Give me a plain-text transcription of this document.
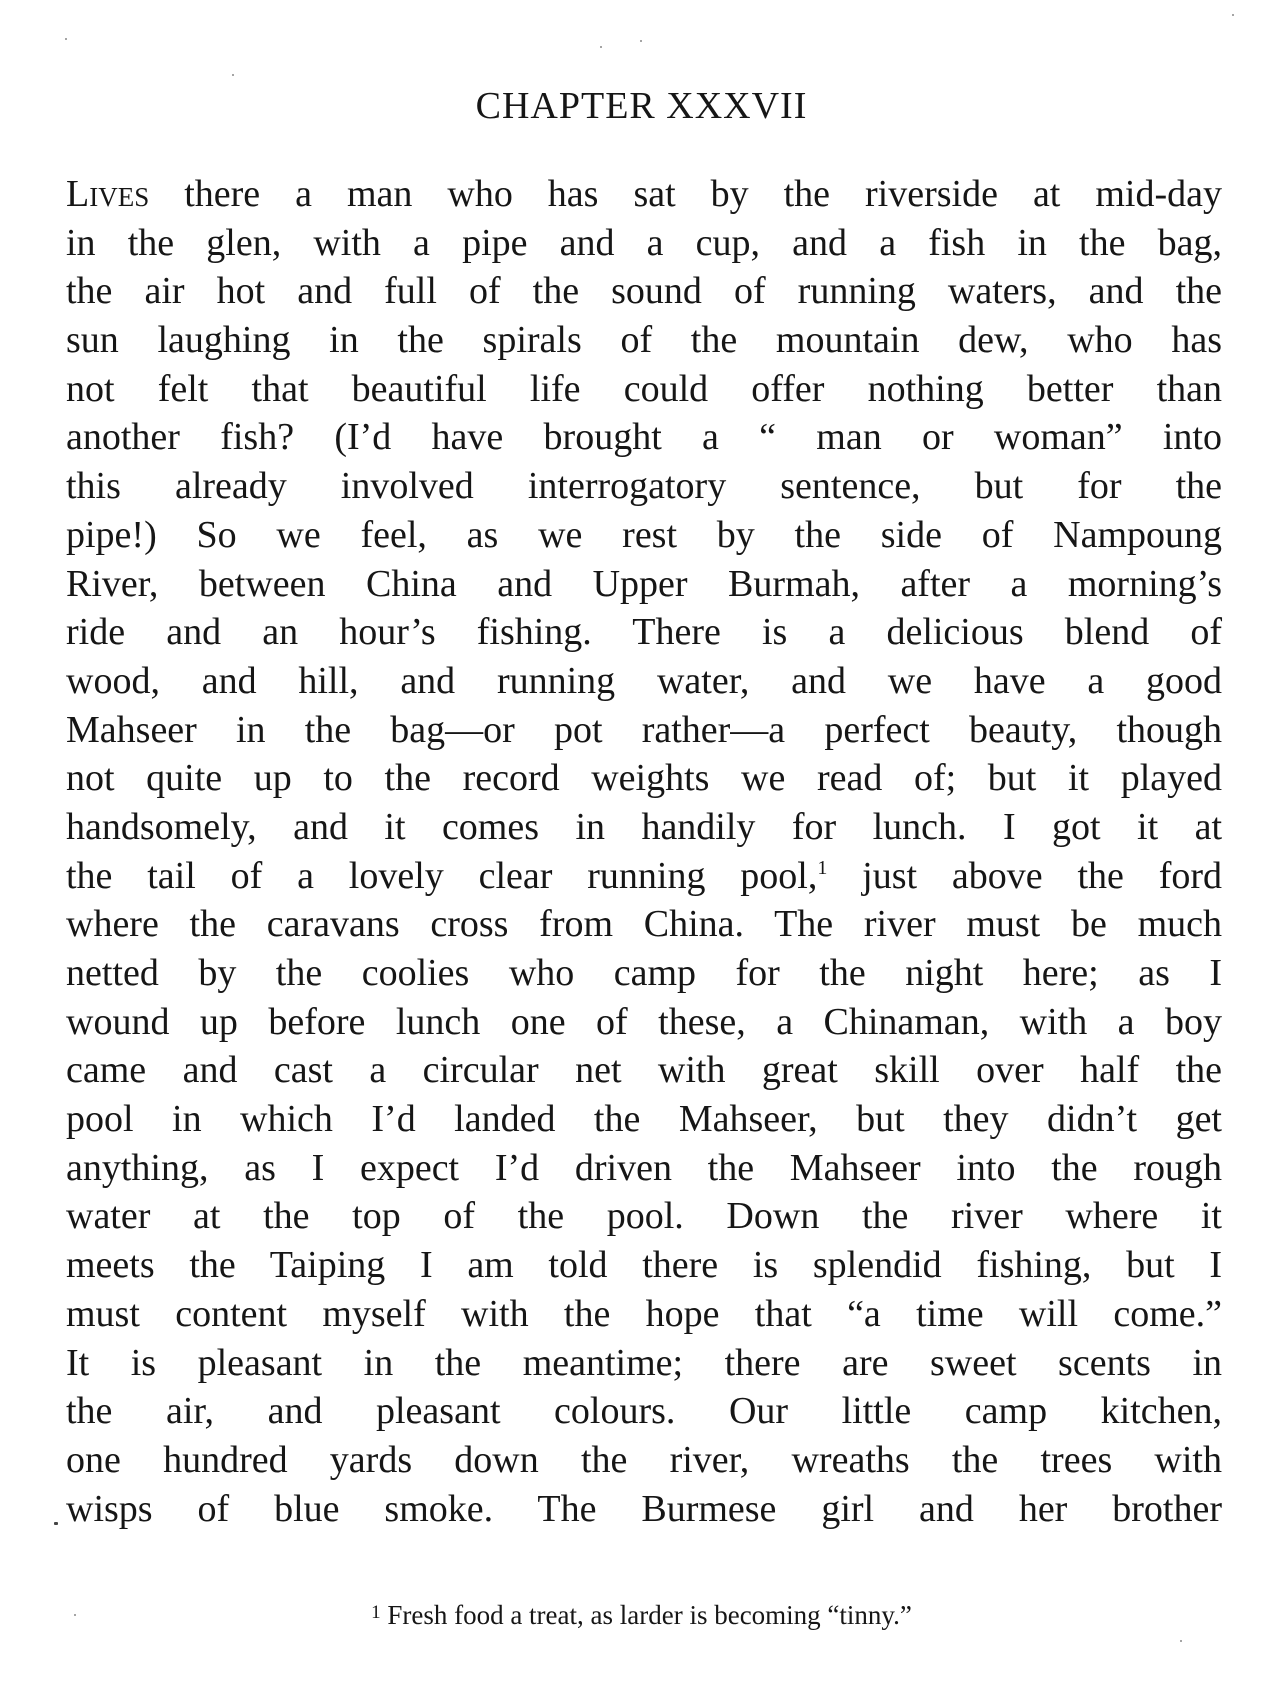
CHAPTER XXXVII
Lives there a man who has sat by the riverside at mid-day
in the glen, with a pipe and a cup, and a fish in the bag,
the air hot and full of the sound of running waters, and the
sun laughing in the spirals of the mountain dew, who has
not felt that beautiful life could offer nothing better than
another fish? (I’d have brought a “ man or woman” into
this already involved interrogatory sentence, but for the
pipe!) So we feel, as we rest by the side of Nampoung
River, between China and Upper Burmah, after a morning’s
ride and an hour’s fishing. There is a delicious blend of
wood, and hill, and running water, and we have a good
Mahseer in the bag—or pot rather—a perfect beauty, though
not quite up to the record weights we read of; but it played
handsomely, and it comes in handily for lunch. I got it at
the tail of a lovely clear running pool,$^1$ just above the ford
where the caravans cross from China. The river must be much
netted by the coolies who camp for the night here; as I
wound up before lunch one of these, a Chinaman, with a boy
came and cast a circular net with great skill over half the
pool in which I’d landed the Mahseer, but they didn’t get
anything, as I expect I’d driven the Mahseer into the rough
water at the top of the pool. Down the river where it
meets the Taiping I am told there is splendid fishing, but I
must content myself with the hope that “a time will come.”
It is pleasant in the meantime; there are sweet scents in
the air, and pleasant colours. Our little camp kitchen,
one hundred yards down the river, wreaths the trees with
wisps of blue smoke. The Burmese girl and her brother
$^1$ Fresh food a treat, as larder is becoming “tinny.”
